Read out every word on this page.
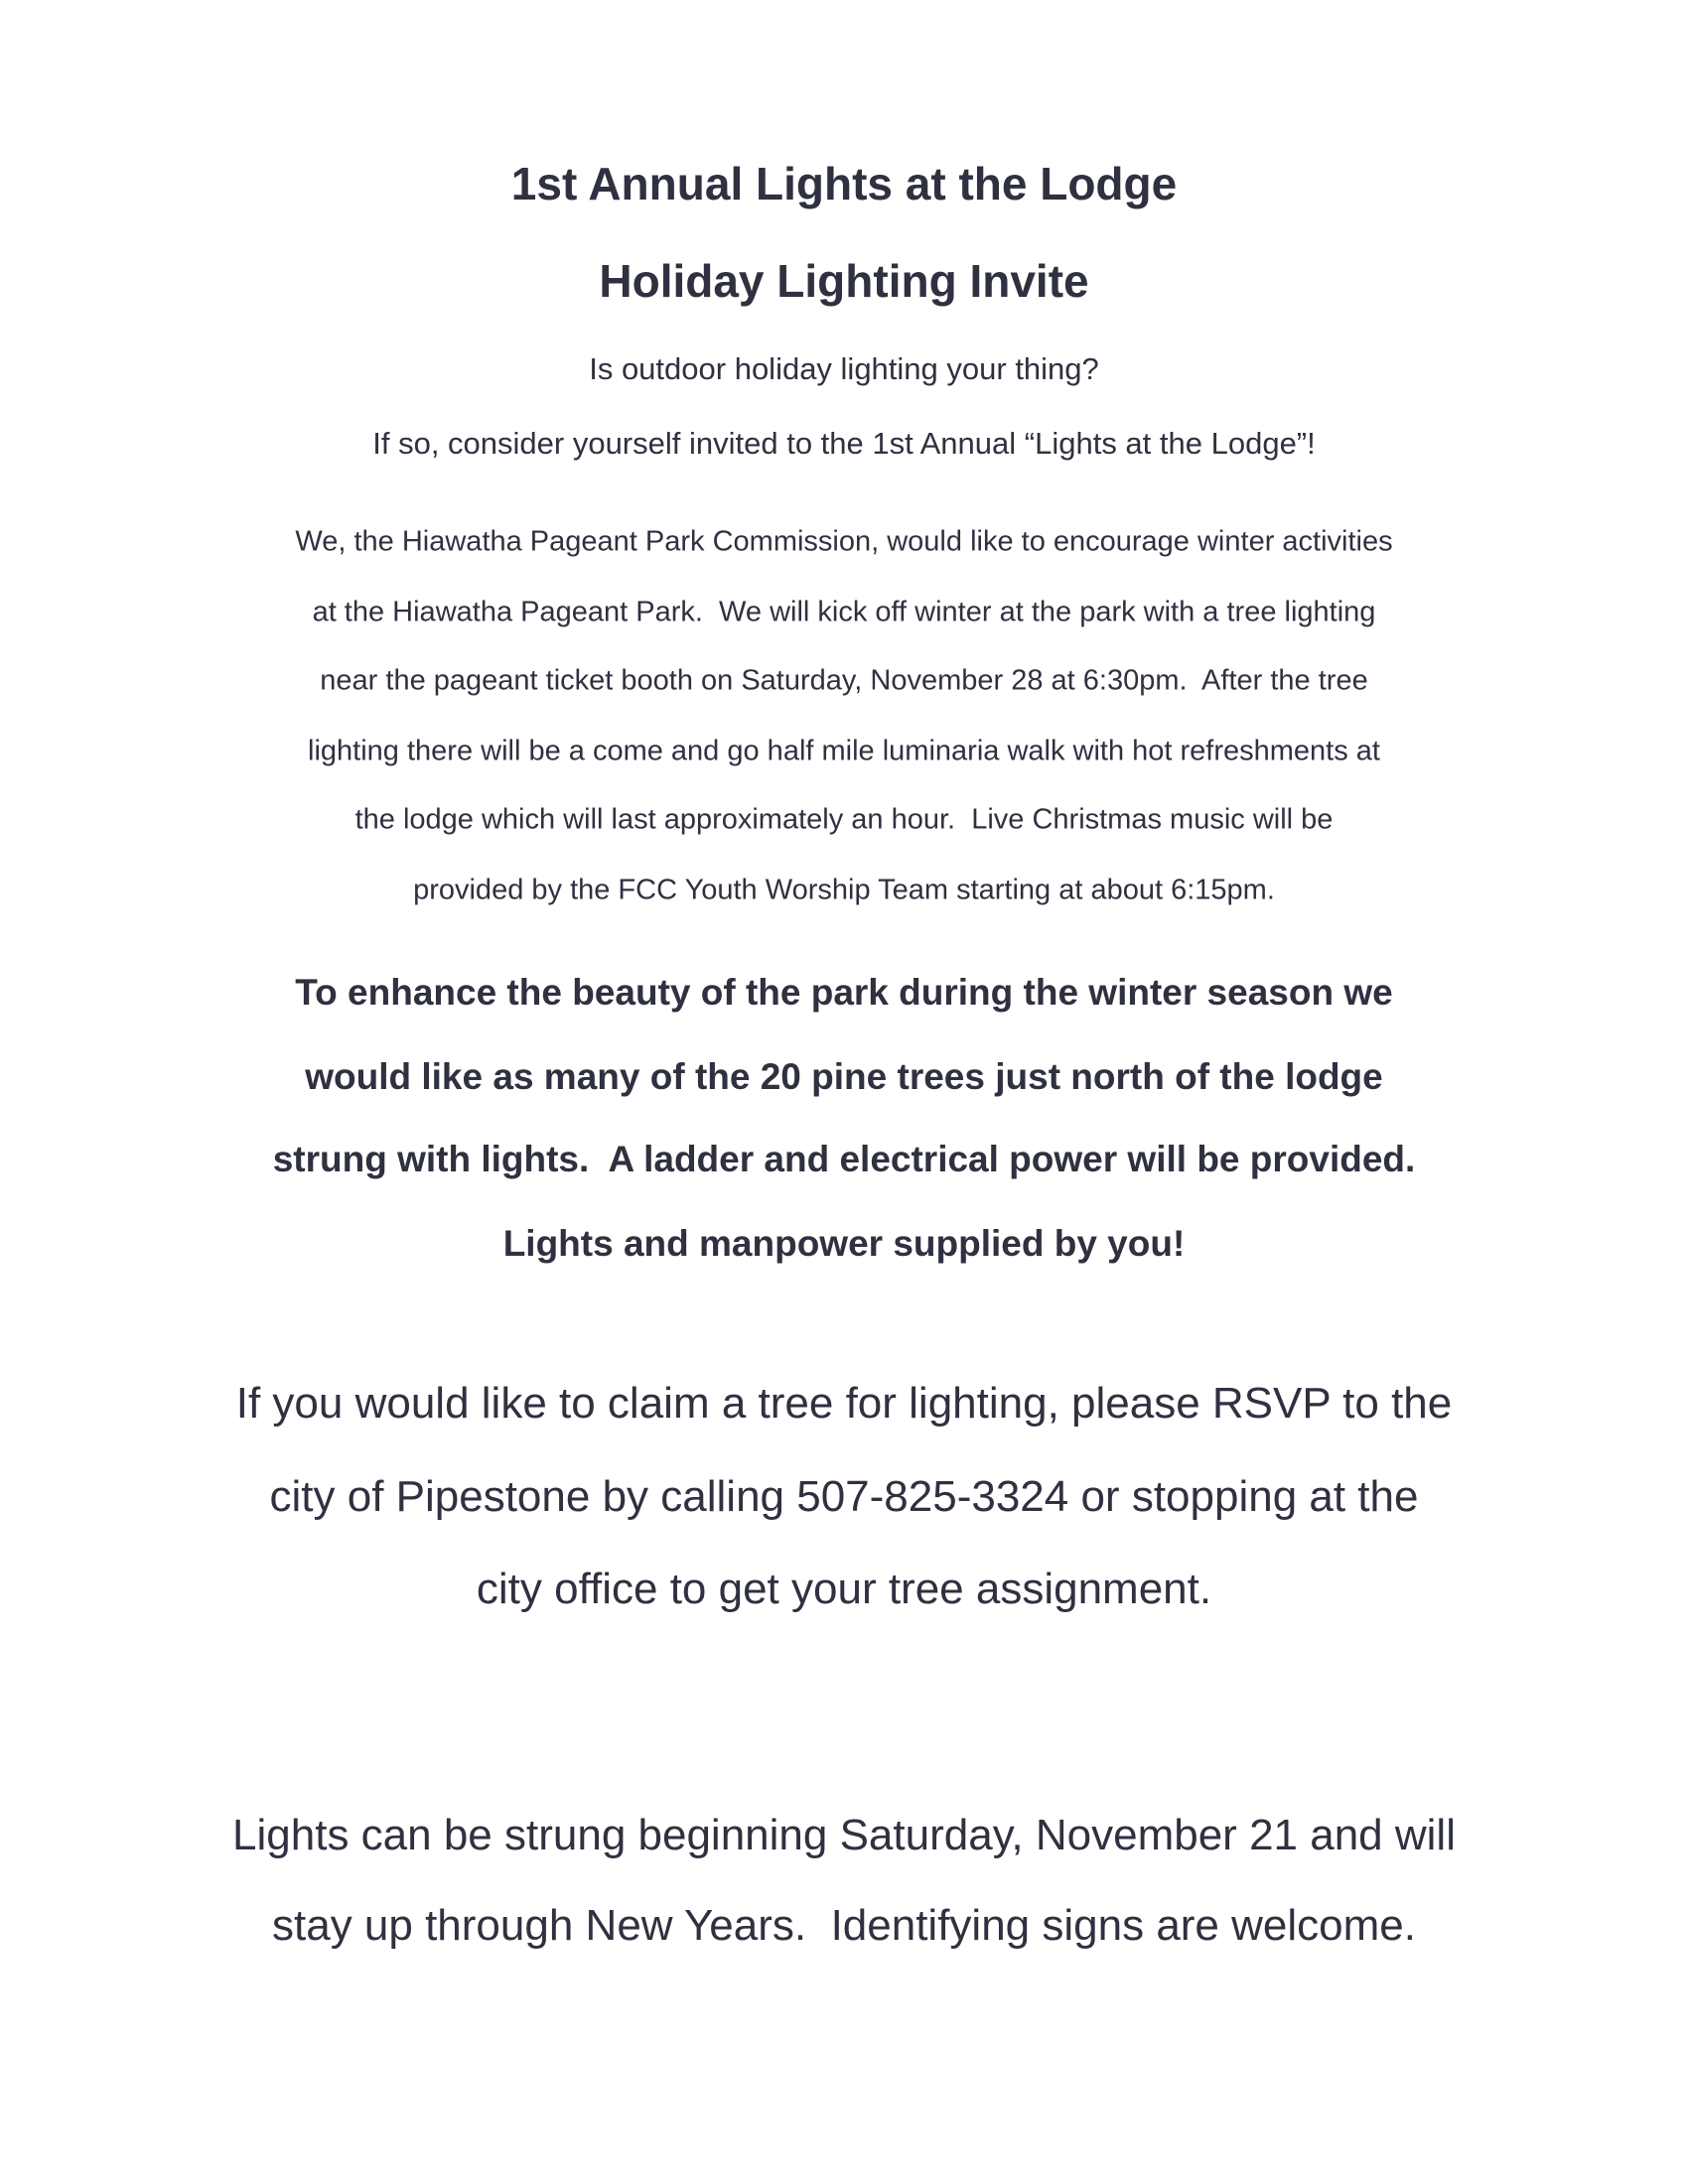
1st Annual Lights at the Lodge
Holiday Lighting Invite
Is outdoor holiday lighting your thing?
If so, consider yourself invited to the 1st Annual “Lights at the Lodge”!
We, the Hiawatha Pageant Park Commission, would like to encourage winter activities
at the Hiawatha Pageant Park.  We will kick off winter at the park with a tree lighting
near the pageant ticket booth on Saturday, November 28 at 6:30pm.  After the tree
lighting there will be a come and go half mile luminaria walk with hot refreshments at
the lodge which will last approximately an hour.  Live Christmas music will be
provided by the FCC Youth Worship Team starting at about 6:15pm.
To enhance the beauty of the park during the winter season we
would like as many of the 20 pine trees just north of the lodge
strung with lights.  A ladder and electrical power will be provided.
Lights and manpower supplied by you!
If you would like to claim a tree for lighting, please RSVP to the
city of Pipestone by calling 507-825-3324 or stopping at the
city office to get your tree assignment.
Lights can be strung beginning Saturday, November 21 and will
stay up through New Years.  Identifying signs are welcome.
